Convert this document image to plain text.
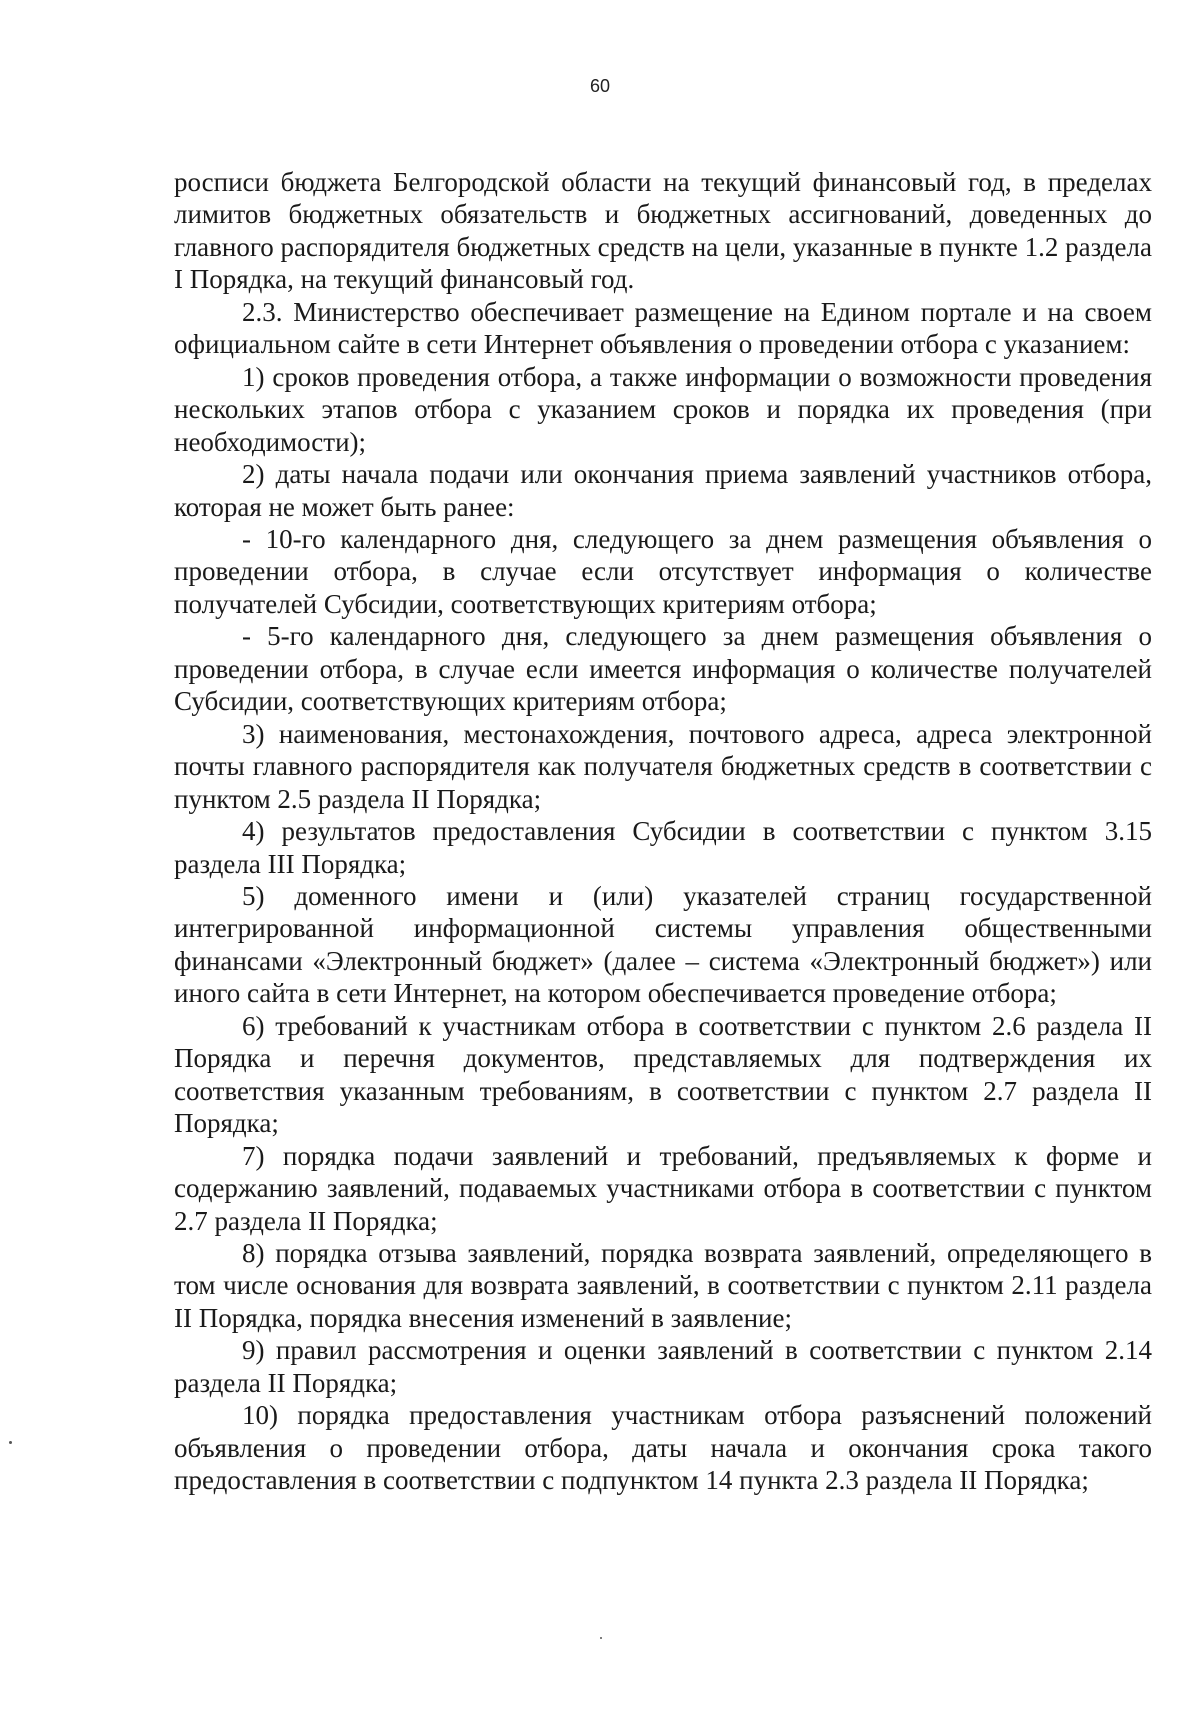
60

росписи бюджета Белгородской области на текущий финансовый год, в пределах лимитов бюджетных обязательств и бюджетных ассигнований, доведенных до главного распорядителя бюджетных средств на цели, указанные в пункте 1.2 раздела I Порядка, на текущий финансовый год.

2.3. Министерство обеспечивает размещение на Едином портале и на своем официальном сайте в сети Интернет объявления о проведении отбора с указанием:

1) сроков проведения отбора, а также информации о возможности проведения нескольких этапов отбора с указанием сроков и порядка их проведения (при необходимости);

2) даты начала подачи или окончания приема заявлений участников отбора, которая не может быть ранее:

- 10-го календарного дня, следующего за днем размещения объявления о проведении отбора, в случае если отсутствует информация о количестве получателей Субсидии, соответствующих критериям отбора;

- 5-го календарного дня, следующего за днем размещения объявления о проведении отбора, в случае если имеется информация о количестве получателей Субсидии, соответствующих критериям отбора;

3) наименования, местонахождения, почтового адреса, адреса электронной почты главного распорядителя как получателя бюджетных средств в соответствии с пунктом 2.5 раздела II Порядка;

4) результатов предоставления Субсидии в соответствии с пунктом 3.15 раздела III Порядка;

5) доменного имени и (или) указателей страниц государственной интегрированной информационной системы управления общественными финансами «Электронный бюджет» (далее – система «Электронный бюджет») или иного сайта в сети Интернет, на котором обеспечивается проведение отбора;

6) требований к участникам отбора в соответствии с пунктом 2.6 раздела II Порядка и перечня документов, представляемых для подтверждения их соответствия указанным требованиям, в соответствии с пунктом 2.7 раздела II Порядка;

7) порядка подачи заявлений и требований, предъявляемых к форме и содержанию заявлений, подаваемых участниками отбора в соответствии с пунктом 2.7 раздела II Порядка;

8) порядка отзыва заявлений, порядка возврата заявлений, определяющего в том числе основания для возврата заявлений, в соответствии с пунктом 2.11 раздела II Порядка, порядка внесения изменений в заявление;

9) правил рассмотрения и оценки заявлений в соответствии с пунктом 2.14 раздела II Порядка;

10) порядка предоставления участникам отбора разъяснений положений объявления о проведении отбора, даты начала и окончания срока такого предоставления в соответствии с подпунктом 14 пункта 2.3 раздела II Порядка;
